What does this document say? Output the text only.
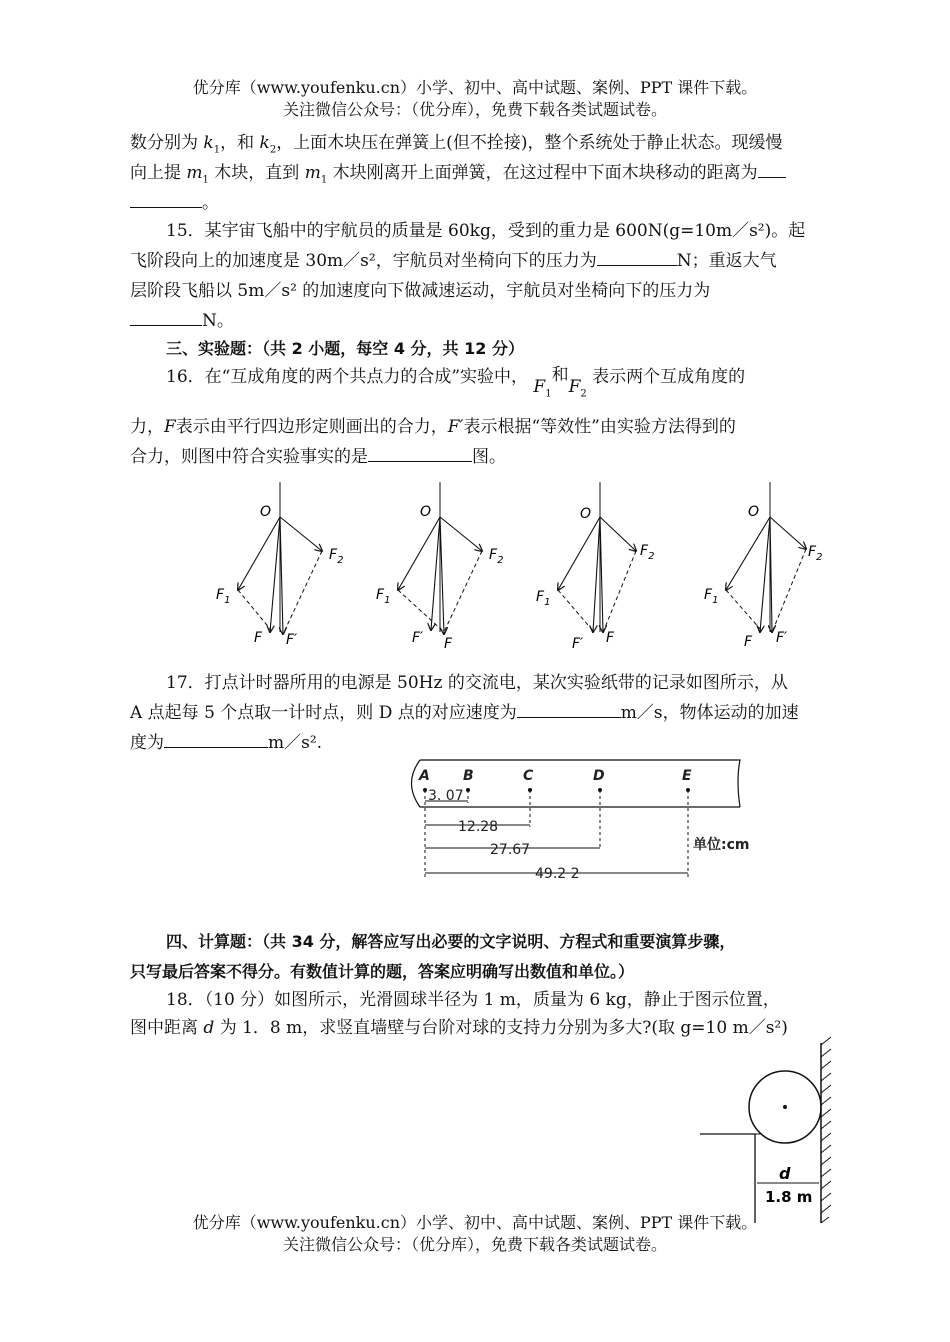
优分库（www.youfenku.cn）小学、初中、高中试题、案例、PPT 课件下载。
关注微信公众号：（优分库），免费下载各类试题试卷。
数分别为 $k_1$，和 $k_2$，上面木块压在弹簧上(但不拴接)，整个系统处于静止状态。现缓慢
向上提 $m_1$ 木块，直到 $m_1$ 木块刚离开上面弹簧，在这过程中下面木块移动的距离为
。
15．某宇宙飞船中的宇航员的质量是 60kg，受到的重力是 600N(g=10m／s²)。起
飞阶段向上的加速度是 30m／s²，宇航员对坐椅向下的压力为	N；重返大气
层阶段飞船以 5m／s² 的加速度向下做减速运动，宇航员对坐椅向下的压力为
N。
三、实验题：（共 2 小题，每空 4 分，共 12 分）
16．在“互成角度的两个共点力的合成”实验中， $F_1$和$F_2$ 表示两个互成角度的
力，F表示由平行四边形定则画出的合力，F′表示根据“等效性”由实验方法得到的
合力，则图中符合实验事实的是	图。
O
$F_1$
$F_2$
F F′
O
$F_1$
$F_2$
F′ F
O
$F_1$
$F_2$
F′ F
O
$F_1$
$F_2$
F F′
17．打点计时器所用的电源是 50Hz 的交流电，某次实验纸带的记录如图所示，从
A 点起每 5 个点取一计时点，则 D 点的对应速度为	m／s，物体运动的加速
度为	m／s².
A B	C	D	E
3. 07
12.28
27.67
49.2 2
单位:cm
四、计算题：（共 34 分，解答应写出必要的文字说明、方程式和重要演算步骤，
只写最后答案不得分。有数值计算的题，答案应明确写出数值和单位。）
18．（10 分）如图所示，光滑圆球半径为 1 m，质量为 6 kg，静止于图示位置，
图中距离 d 为 1．8 m，求竖直墙壁与台阶对球的支持力分别为多大?(取 g=10 m／s²)
d
1.8 m
优分库（www.youfenku.cn）小学、初中、高中试题、案例、PPT 课件下载。
关注微信公众号：（优分库），免费下载各类试题试卷。
